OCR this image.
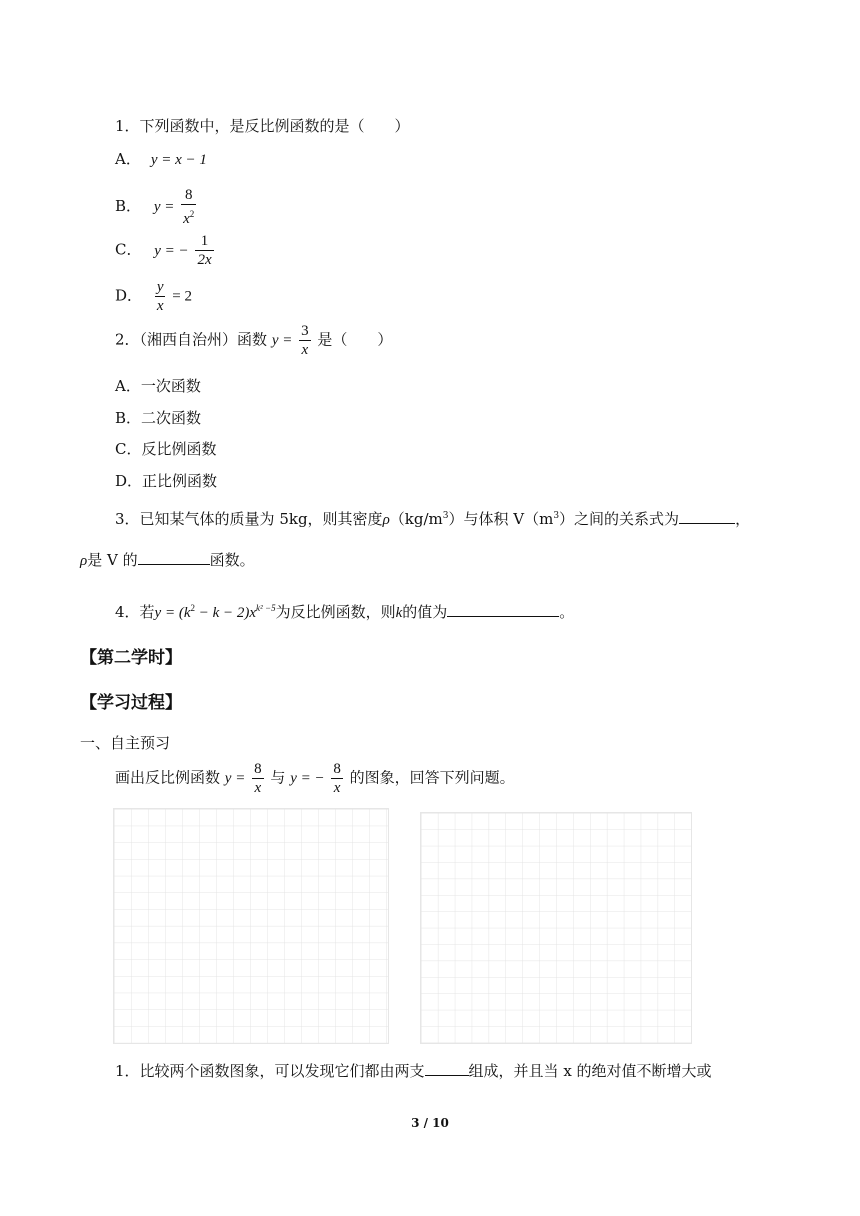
1．下列函数中，是反比例函数的是（　　）
A． y = x − 1
B． $y = \frac{8}{x^2}$
C． y = − $\frac{1}{2x}$
D． $\frac{y}{x} = 2$
2．（湘西自治州）函数 $y = \frac{3}{x}$ 是（　　）
A．一次函数
B．二次函数
C．反比例函数
D．正比例函数
3．已知某气体的质量为 5kg，则其密度$\rho(kg/m^3)$与体积 $V(m^3)$之间的关系式为	，
ρ是 V 的	函数。
4．若$y = (k^2 - k - 2)x^{k^2 -5}$为反比例函数，则k的值为	。
【第二学时】
【学习过程】
一、自主预习
画出反比例函数 $y = \frac{8}{x}$ 与 y = − $\frac{8}{x}$ 的图象，回答下列问题。
1．比较两个函数图象，可以发现它们都由两支	组成，并且当 x 的绝对值不断增大或
3 / 10
